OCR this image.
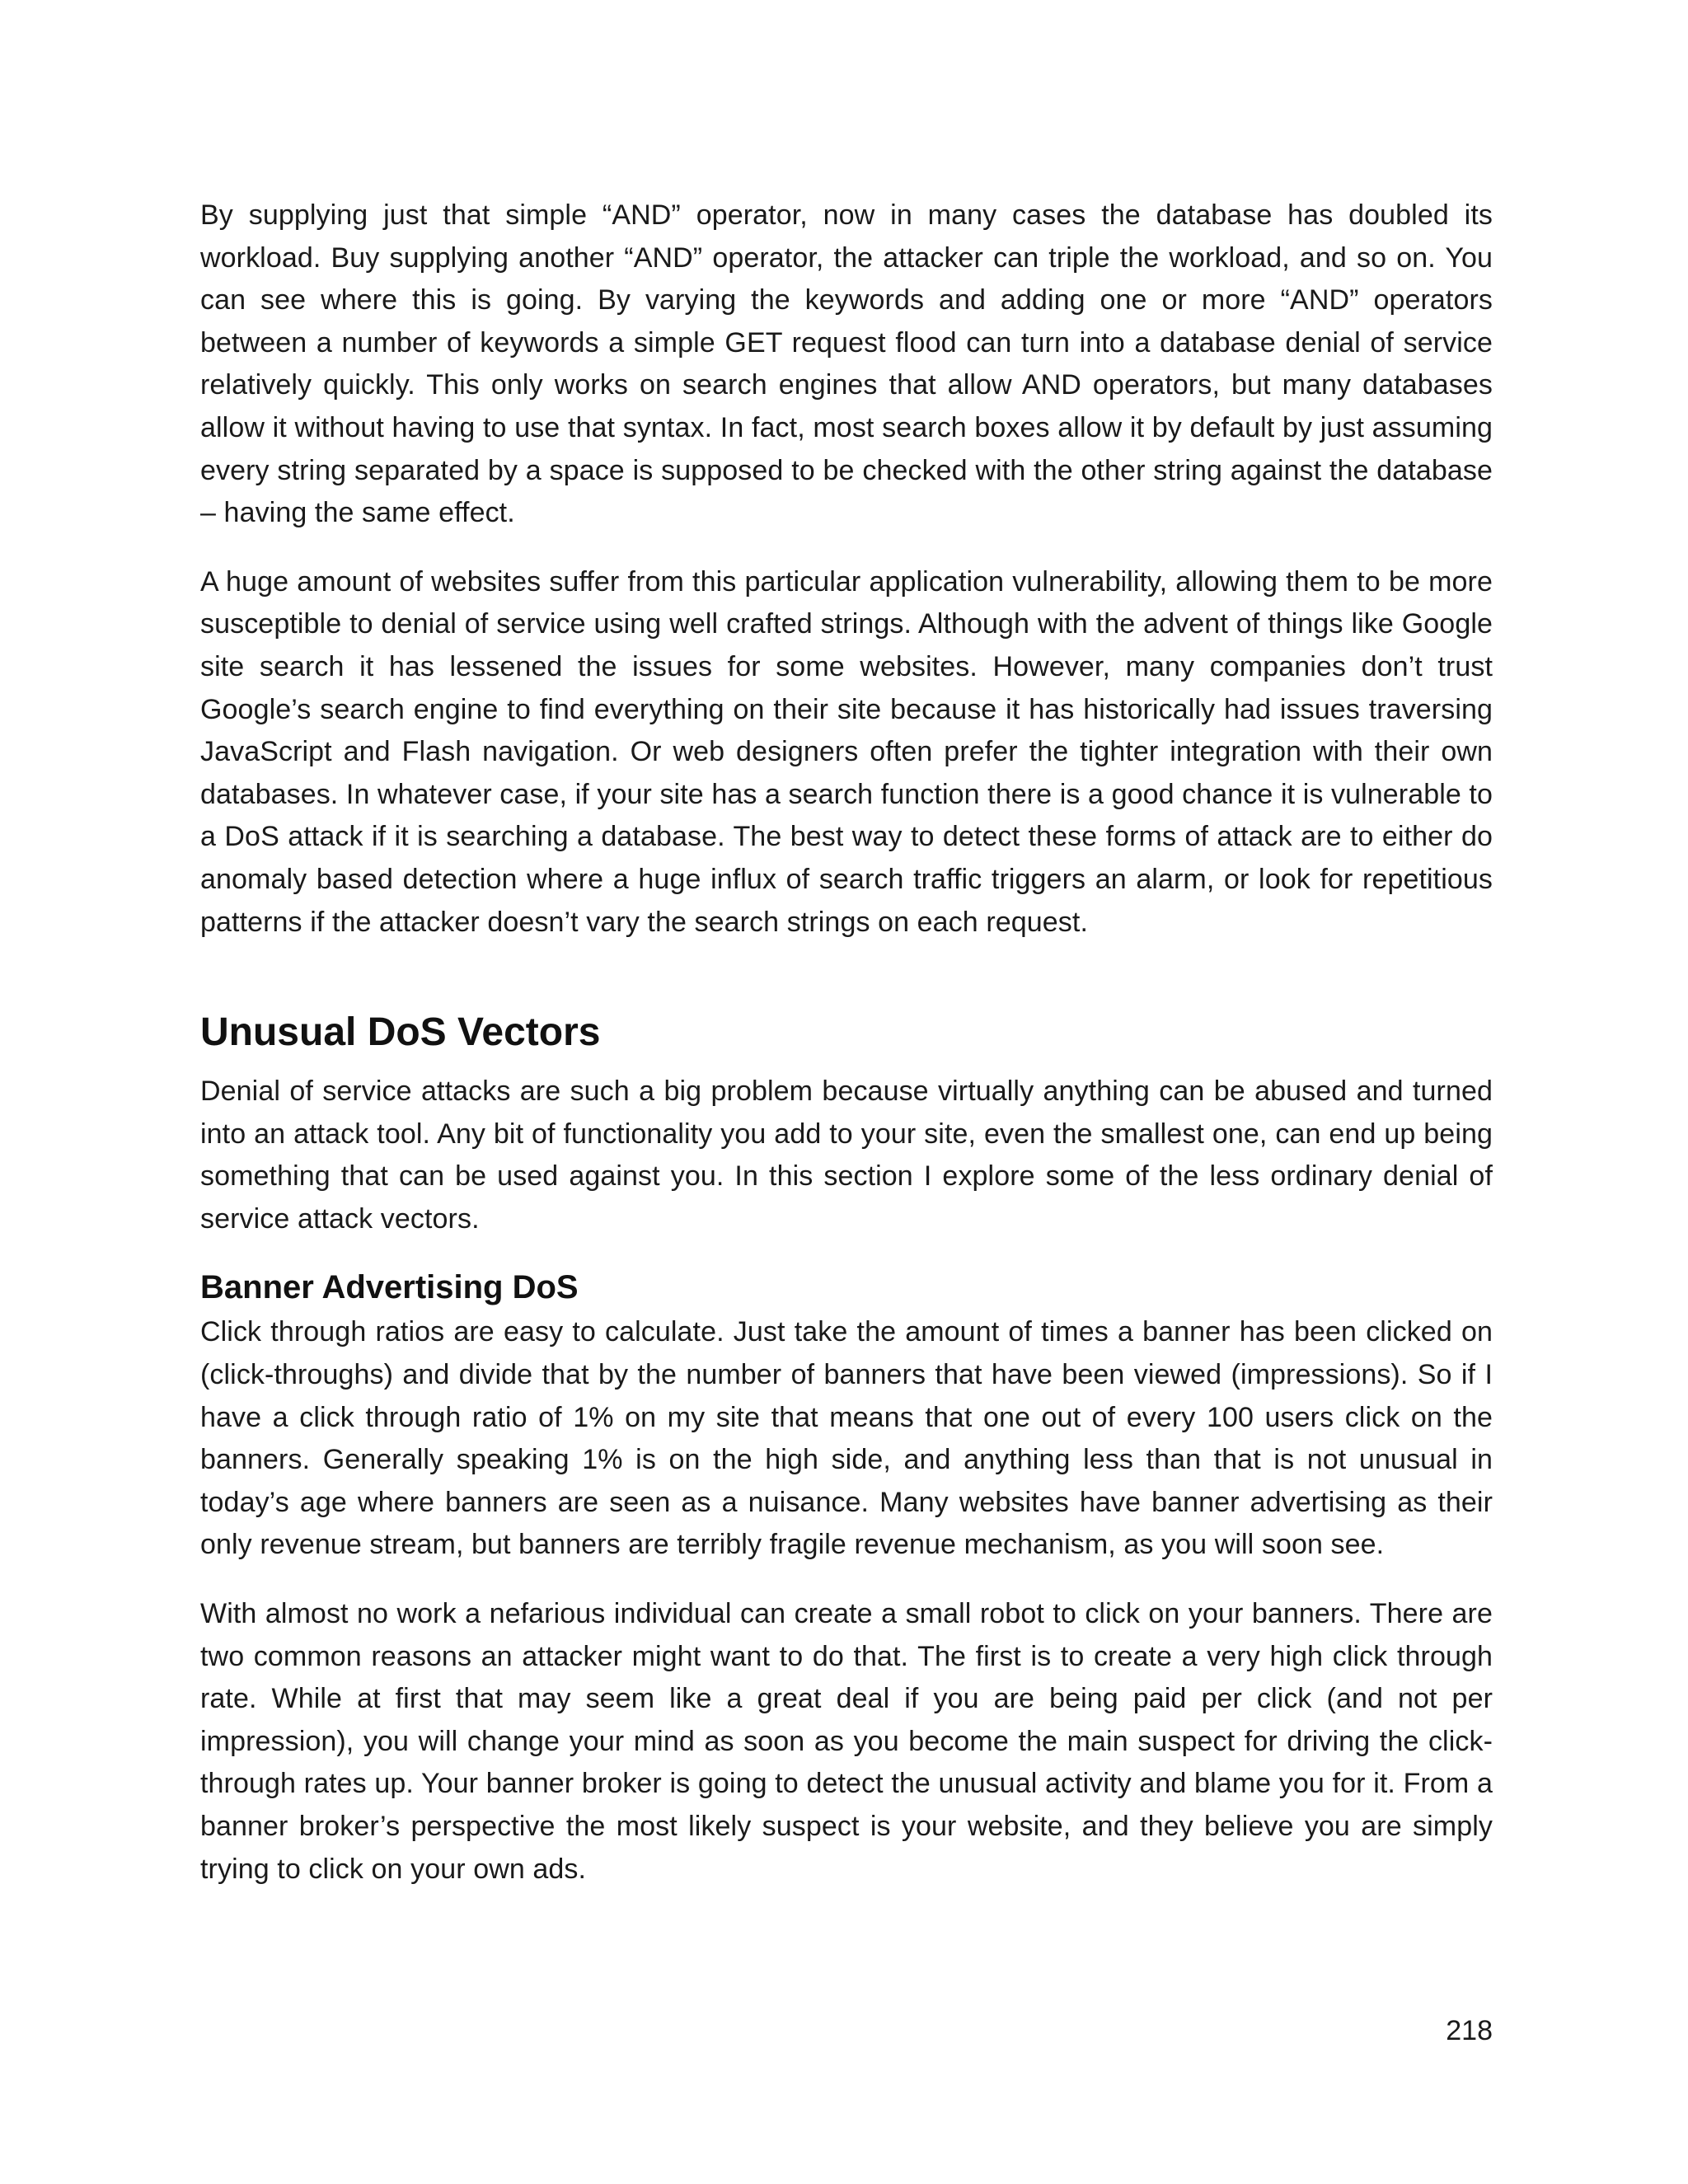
By supplying just that simple “AND” operator, now in many cases the database has doubled its workload. Buy supplying another “AND” operator, the attacker can triple the workload, and so on. You can see where this is going. By varying the keywords and adding one or more “AND” operators between a number of keywords a simple GET request flood can turn into a database denial of service relatively quickly. This only works on search engines that allow AND operators, but many databases allow it without having to use that syntax. In fact, most search boxes allow it by default by just assuming every string separated by a space is supposed to be checked with the other string against the database – having the same effect.

A huge amount of websites suffer from this particular application vulnerability, allowing them to be more susceptible to denial of service using well crafted strings. Although with the advent of things like Google site search it has lessened the issues for some websites. However, many companies don’t trust Google’s search engine to find everything on their site because it has historically had issues traversing JavaScript and Flash navigation. Or web designers often prefer the tighter integration with their own databases. In whatever case, if your site has a search function there is a good chance it is vulnerable to a DoS attack if it is searching a database. The best way to detect these forms of attack are to either do anomaly based detection where a huge influx of search traffic triggers an alarm, or look for repetitious patterns if the attacker doesn’t vary the search strings on each request.

Unusual DoS Vectors

Denial of service attacks are such a big problem because virtually anything can be abused and turned into an attack tool. Any bit of functionality you add to your site, even the smallest one, can end up being something that can be used against you. In this section I explore some of the less ordinary denial of service attack vectors.

Banner Advertising DoS

Click through ratios are easy to calculate. Just take the amount of times a banner has been clicked on (click-throughs) and divide that by the number of banners that have been viewed (impressions). So if I have a click through ratio of 1% on my site that means that one out of every 100 users click on the banners. Generally speaking 1% is on the high side, and anything less than that is not unusual in today’s age where banners are seen as a nuisance. Many websites have banner advertising as their only revenue stream, but banners are terribly fragile revenue mechanism, as you will soon see.

With almost no work a nefarious individual can create a small robot to click on your banners. There are two common reasons an attacker might want to do that. The first is to create a very high click through rate. While at first that may seem like a great deal if you are being paid per click (and not per impression), you will change your mind as soon as you become the main suspect for driving the click-through rates up. Your banner broker is going to detect the unusual activity and blame you for it. From a banner broker’s perspective the most likely suspect is your website, and they believe you are simply trying to click on your own ads.

218
